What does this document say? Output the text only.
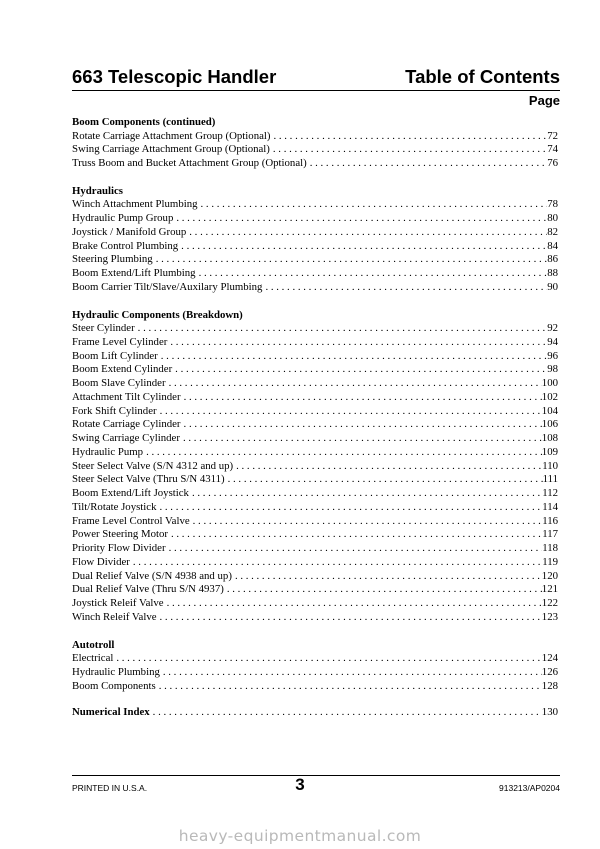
663 Telescopic Handler	Table of Contents
Page
Boom Components (continued)
Rotate Carriage Attachment Group (Optional) . . .	72
Swing Carriage Attachment Group (Optional) . . .	74
Truss Boom and Bucket Attachment Group (Optional) . . .	76
Hydraulics
Winch Attachment Plumbing . . .	78
Hydraulic Pump Group . . .	80
Joystick / Manifold Group . . .	82
Brake Control Plumbing . . .	84
Steering Plumbing . . .	86
Boom Extend/Lift Plumbing . . .	88
Boom Carrier Tilt/Slave/Auxilary Plumbing . . .	90
Hydraulic Components (Breakdown)
Steer Cylinder . . .	92
Frame Level Cylinder . . .	94
Boom Lift Cylinder . . .	96
Boom Extend Cylinder . . .	98
Boom Slave Cylinder . . .	100
Attachment Tilt Cylinder . . .	102
Fork Shift Cylinder . . .	104
Rotate Carriage Cylinder . . .	106
Swing Carriage Cylinder . . .	108
Hydraulic Pump . . .	109
Steer Select Valve (S/N 4312 and up) . . .	110
Steer Select Valve (Thru S/N 4311) . . .	111
Boom Extend/Lift Joystick . . .	112
Tilt/Rotate Joystick . . .	114
Frame Level Control Valve . . .	116
Power Steering Motor . . .	117
Priority Flow Divider . . .	118
Flow Divider . . .	119
Dual Relief Valve (S/N 4938 and up) . . .	120
Dual Relief Valve (Thru S/N 4937) . . .	121
Joystick Releif Valve . . .	122
Winch Releif Valve . . .	123
Autotroll
Electrical . . .	124
Hydraulic Plumbing . . .	126
Boom Components . . .	128
Numerical Index . . .	130
PRINTED IN U.S.A.	3	913213/AP0204
heavy-equipmentmanual.com
